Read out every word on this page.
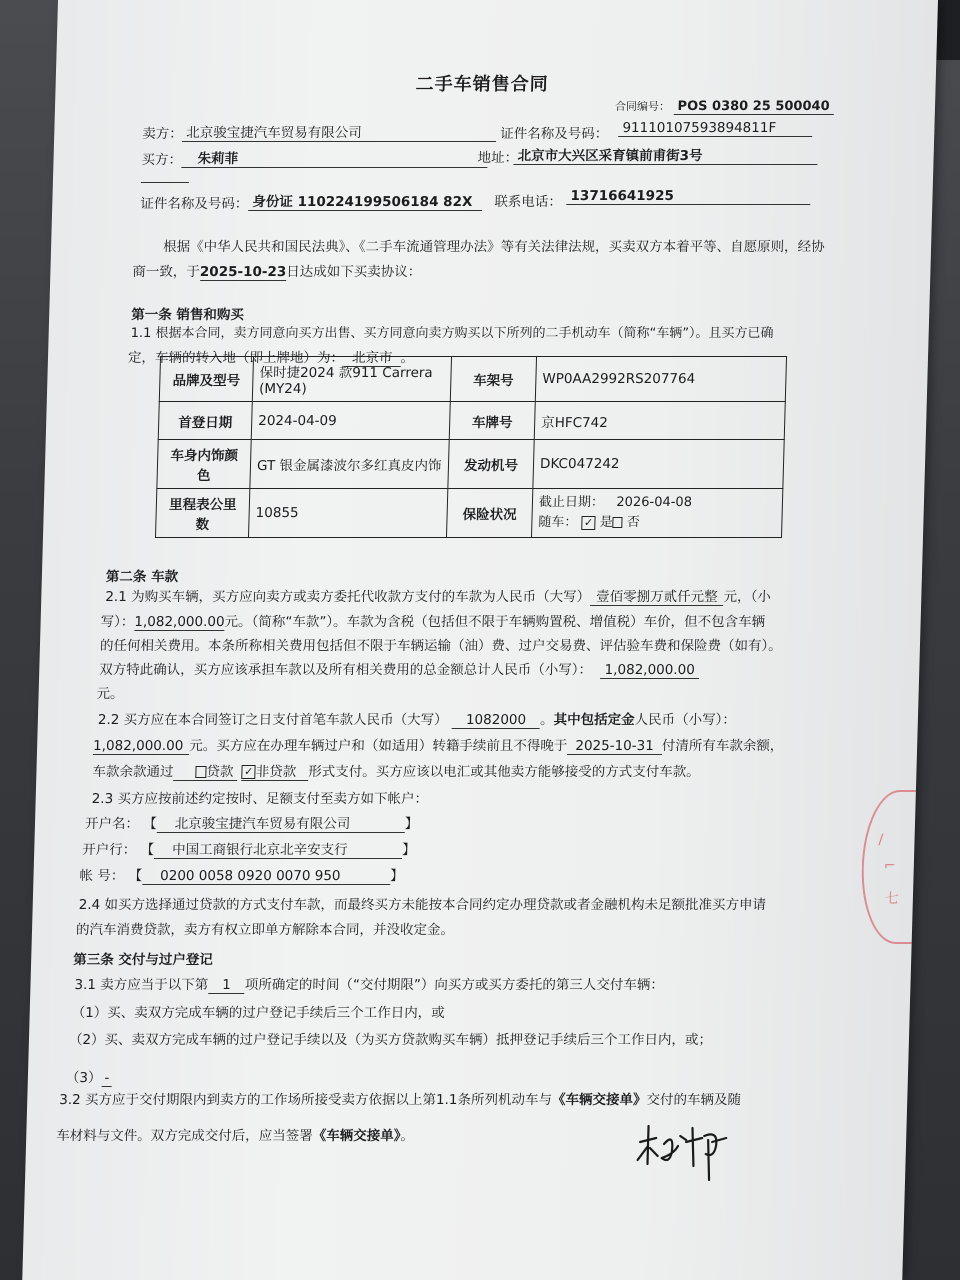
二手车销售合同
合同编号： POS 0380 25 500040
卖方： 北京骏宝捷汽车贸易有限公司	证件名称及号码： 91110107593894811F
买方：	朱莉菲	地址： 北京市大兴区采育镇前甫街3号
证件名称及号码： 身份证 110224199506184 82X	联系电话： 13716641925
根据《中华人民共和国民法典》、《二手车流通管理办法》等有关法律法规，买卖双方本着平等、自愿原则，经协
商一致，于2025-10-23日达成如下买卖协议：
第一条 销售和购买
1.1 根据本合同，卖方同意向买方出售、买方同意向卖方购买以下所列的二手机动车（简称“车辆”）。且买方已确
定，车辆的转入地（即上牌地）为： 北京市 。
品牌及型号	保时捷2024 款911 Carrera (MY24)	车架号	WP0AA2992RS207764
首登日期	2024-04-09	车牌号	京HFC742
车身内饰颜色	GT 银金属漆波尔多红真皮内饰	发动机号	DKC047242
里程表公里数	10855	保险状况	截止日期： 2026-04-08
随车： ✓ 是 否
第二条 车款
2.1 为购买车辆，买方应向卖方或卖方委托代收款方支付的车款为人民币（大写） 壹佰零捌万贰仟元整 元，（小
写）：1,082,000.00元。（简称“车款”）。车款为含税（包括但不限于车辆购置税、增值税）车价，但不包含车辆
的任何相关费用。本条所称相关费用包括但不限于车辆运输（油）费、过户交易费、评估验车费和保险费（如有）。
双方特此确认，买方应该承担车款以及所有相关费用的总金额总计人民币（小写）： 1,082,000.00
元。
2.2 买方应在本合同签订之日支付首笔车款人民币（大写） 1082000 。其中包括定金人民币（小写）：
1,082,000.00 元。买方应在办理车辆过户和（如适用）转籍手续前且不得晚于 2025-10-31 付清所有车款余额，
车款余款通过 贷款 ✓ 非贷款 形式支付。买方应该以电汇或其他卖方能够接受的方式支付车款。
2.3 买方应按前述约定按时、足额支付至卖方如下帐户：
开户名： 【 北京骏宝捷汽车贸易有限公司	】
开户行： 【 中国工商银行北京北辛安支行	】
帐 号： 【 0200 0058 0920 0070 950	】
2.4 如买方选择通过贷款的方式支付车款，而最终买方未能按本合同约定办理贷款或者金融机构未足额批准买方申请
的汽车消费贷款，卖方有权立即单方解除本合同，并没收定金。
第三条 交付与过户登记
3.1 卖方应当于以下第 1 项所确定的时间（“交付期限”）向买方或买方委托的第三人交付车辆：
（1）买、卖双方完成车辆的过户登记手续后三个工作日内，或
（2）买、卖双方完成车辆的过户登记手续以及（为买方贷款购买车辆）抵押登记手续后三个工作日内，或；
（3） -
3.2 买方应于交付期限内到卖方的工作场所接受卖方依据以上第1.1条所列机动车与《车辆交接单》交付的车辆及随
车材料与文件。双方完成交付后，应当签署《车辆交接单》。
/
⌐
七
